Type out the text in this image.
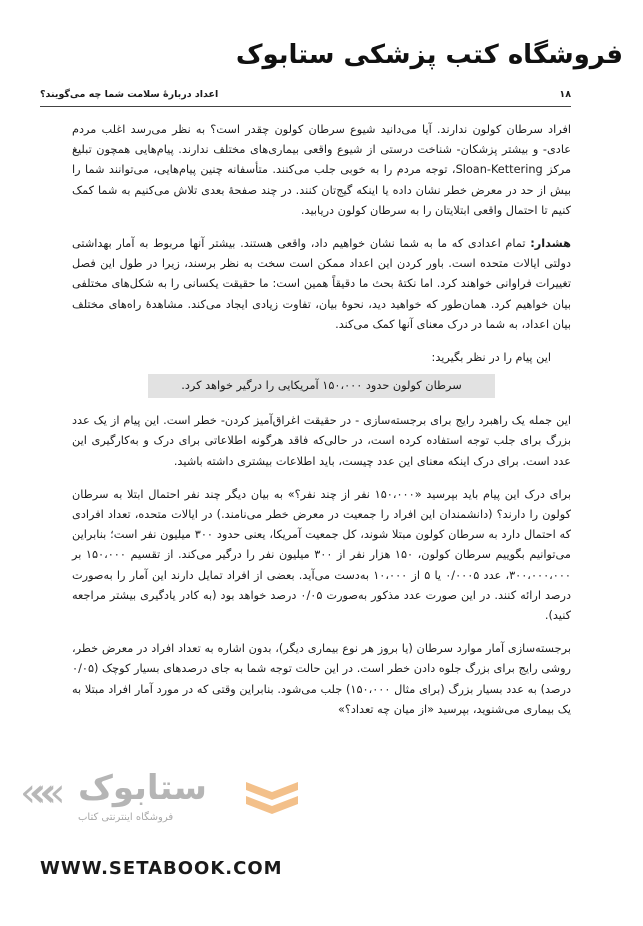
فروشگاه کتب پزشکی ستابوک
۱۸
اعداد دربارهٔ سلامت شما چه می‌گویند؟

افراد سرطان کولون ندارند. آیا می‌دانید شیوع سرطان کولون چقدر است؟ به نظر می‌رسد اغلب مردم عادی- و بیشتر پزشکان- شناخت درستی از شیوع واقعی بیماری‌های مختلف ندارند. پیام‌هایی همچون تبلیغ مرکز Sloan-Kettering، توجه مردم را به خوبی جلب می‌کنند. متأسفانه چنین پیام‌هایی، می‌توانند شما را بیش از حد در معرض خطر نشان داده یا اینکه گیج‌تان کنند. در چند صفحهٔ بعدی تلاش می‌کنیم به شما کمک کنیم تا احتمال واقعی ابتلایتان را به سرطان کولون دریابید.

هشدار: تمام اعدادی که ما به شما نشان خواهیم داد، واقعی هستند. بیشتر آنها مربوط به آمار بهداشتی دولتی ایالات متحده است. باور کردن این اعداد ممکن است سخت به نظر برسند، زیرا در طول این فصل تغییرات فراوانی خواهند کرد. اما نکتهٔ بحث ما دقیقاً همین است: ما حقیقت یکسانی را به شکل‌های مختلفی بیان خواهیم کرد. همان‌طور که خواهید دید، نحوهٔ بیان، تفاوت زیادی ایجاد می‌کند. مشاهدهٔ راه‌های مختلف بیان اعداد، به شما در درک معنای آنها کمک می‌کند.

این پیام را در نظر بگیرید:

سرطان کولون حدود ۱۵۰،۰۰۰ آمریکایی را درگیر خواهد کرد.

این جمله یک راهبرد رایج برای برجسته‌سازی - در حقیقت اغراق‌آمیز کردن- خطر است. این پیام از یک عدد بزرگ برای جلب توجه استفاده کرده است، در حالی‌که فاقد هرگونه اطلاعاتی برای درک و به‌کارگیری این عدد است. برای درک اینکه معنای این عدد چیست، باید اطلاعات بیشتری داشته باشید.

برای درک این پیام باید بپرسید «۱۵۰،۰۰۰ نفر از چند نفر؟» به بیان دیگر چند نفر احتمال ابتلا به سرطان کولون را دارند؟ (دانشمندان این افراد را جمعیت در معرض خطر می‌نامند.) در ایالات متحده، تعداد افرادی که احتمال دارد به سرطان کولون مبتلا شوند، کل جمعیت آمریکا، یعنی حدود ۳۰۰ میلیون نفر است؛ بنابراین می‌توانیم بگوییم سرطان کولون، ۱۵۰ هزار نفر از ۳۰۰ میلیون نفر را درگیر می‌کند. از تقسیم ۱۵۰،۰۰۰ بر ۳۰۰،۰۰۰،۰۰۰، عدد ۰/۰۰۰۵ یا ۵ از ۱۰،۰۰۰ به‌دست می‌آید. بعضی از افراد تمایل دارند این آمار را به‌صورت درصد ارائه کنند. در این صورت عدد مذکور به‌صورت ۰/۰۵ درصد خواهد بود (به کادر یادگیری بیشتر مراجعه کنید).

برجسته‌سازی آمار موارد سرطان (یا بروز هر نوع بیماری دیگر)، بدون اشاره به تعداد افراد در معرض خطر، روشی رایج برای بزرگ جلوه دادن خطر است. در این حالت توجه شما به جای درصدهای بسیار کوچک (۰/۰۵ درصد) به عدد بسیار بزرگ (برای مثال ۱۵۰،۰۰۰) جلب می‌شود. بنابراین وقتی که در مورد آمار افراد مبتلا به یک بیماری می‌شنوید، بپرسید «از میان چه تعداد؟»

««« ستابوک
فروشگاه اینترنتی کتاب
WWW.SETABOOK.COM
